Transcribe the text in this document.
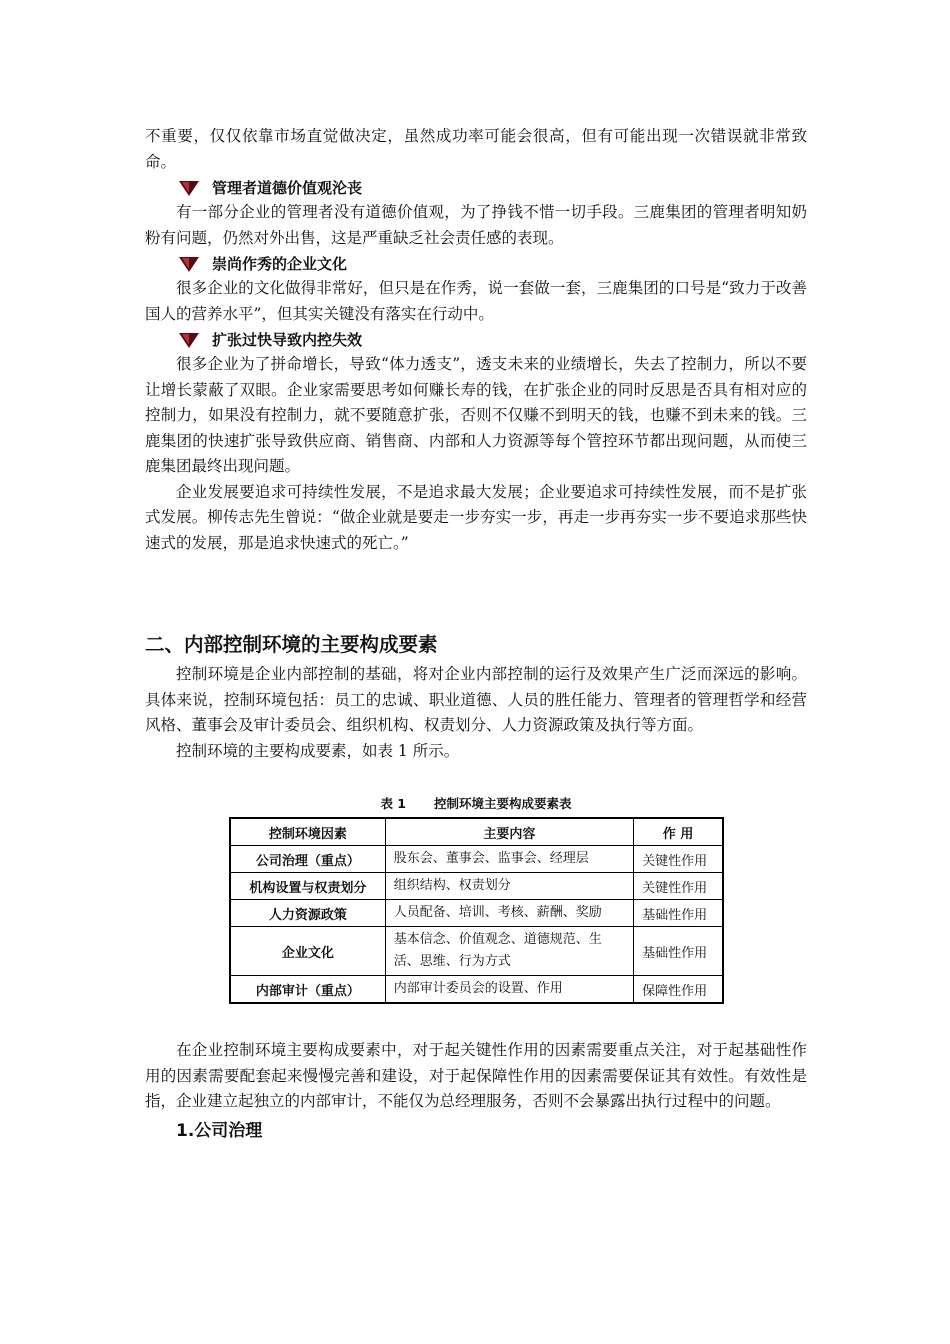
不重要，仅仅依靠市场直觉做决定，虽然成功率可能会很高，但有可能出现一次错误就非常致命。

管理者道德价值观沦丧

有一部分企业的管理者没有道德价值观，为了挣钱不惜一切手段。三鹿集团的管理者明知奶粉有问题，仍然对外出售，这是严重缺乏社会责任感的表现。

崇尚作秀的企业文化

很多企业的文化做得非常好，但只是在作秀，说一套做一套，三鹿集团的口号是“致力于改善国人的营养水平”，但其实关键没有落实在行动中。

扩张过快导致内控失效

很多企业为了拼命增长，导致“体力透支”，透支未来的业绩增长，失去了控制力，所以不要让增长蒙蔽了双眼。企业家需要思考如何赚长寿的钱，在扩张企业的同时反思是否具有相对应的控制力，如果没有控制力，就不要随意扩张，否则不仅赚不到明天的钱，也赚不到未来的钱。三鹿集团的快速扩张导致供应商、销售商、内部和人力资源等每个管控环节都出现问题，从而使三鹿集团最终出现问题。

企业发展要追求可持续性发展，不是追求最大发展；企业要追求可持续性发展，而不是扩张式发展。柳传志先生曾说：“做企业就是要走一步夯实一步，再走一步再夯实一步不要追求那些快速式的发展，那是追求快速式的死亡。”

二、内部控制环境的主要构成要素

控制环境是企业内部控制的基础，将对企业内部控制的运行及效果产生广泛而深远的影响。具体来说，控制环境包括：员工的忠诚、职业道德、人员的胜任能力、管理者的管理哲学和经营风格、董事会及审计委员会、组织机构、权责划分、人力资源政策及执行等方面。

控制环境的主要构成要素，如表 1 所示。

表 1 控制环境主要构成要素表
控制环境因素	主要内容	作 用
公司治理（重点）	股东会、董事会、监事会、经理层	关键性作用
机构设置与权责划分	组织结构、权责划分	关键性作用
人力资源政策	人员配备、培训、考核、薪酬、奖励	基础性作用
企业文化	基本信念、价值观念、道德规范、生活、思维、行为方式	基础性作用
内部审计（重点）	内部审计委员会的设置、作用	保障性作用

在企业控制环境主要构成要素中，对于起关键性作用的因素需要重点关注，对于起基础性作用的因素需要配套起来慢慢完善和建设，对于起保障性作用的因素需要保证其有效性。有效性是指，企业建立起独立的内部审计，不能仅为总经理服务，否则不会暴露出执行过程中的问题。

1.公司治理
